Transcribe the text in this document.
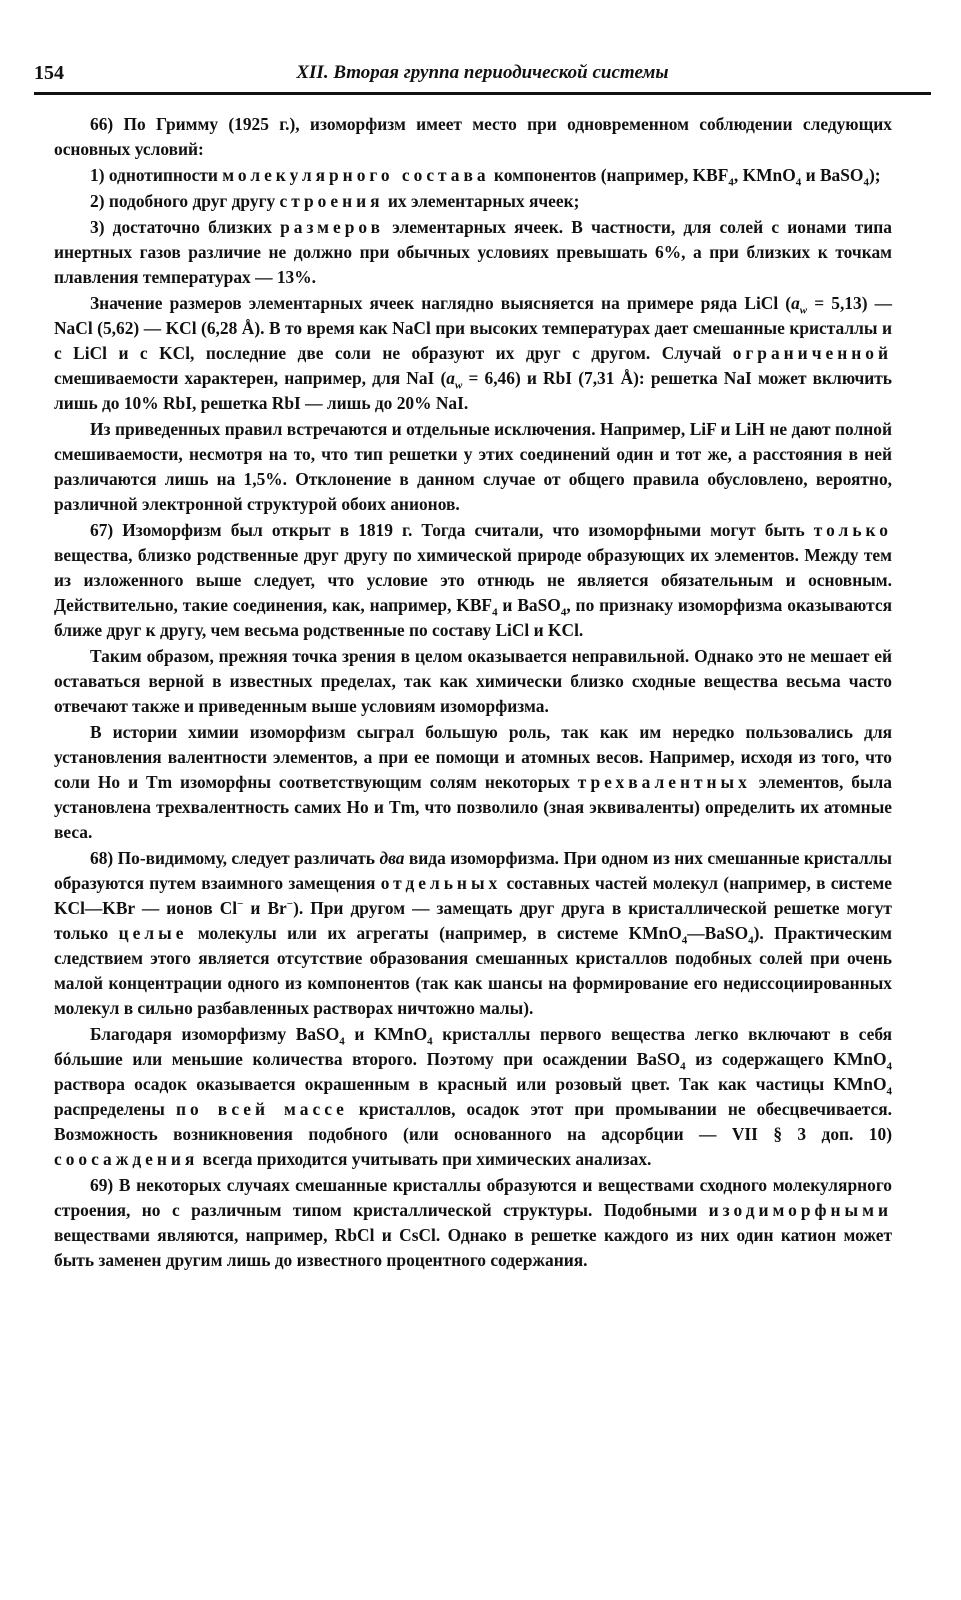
154	XII. Вторая группа периодической системы

66) По Гримму (1925 г.), изоморфизм имеет место при одновременном соблюдении следующих основных условий:

1) однотипности молекулярного состава компонентов (например, $KBF_4$, KMnO$_4$ и BaSO$_4$);

2) подобного друг другу строения их элементарных ячеек;

3) достаточно близких размеров элементарных ячеек. В частности, для солей с ионами типа инертных газов различие не должно при обычных условиях превышать 6%, а при близких к точкам плавления температурах — 13%.

Значение размеров элементарных ячеек наглядно выясняется на примере ряда LiCl $(a_w = 5,13)$ — NaCl (5,62) — KCl (6,28 Å). В то время как NaCl при высоких температурах дает смешанные кристаллы и с LiCl и с KCl, последние две соли не образуют их друг с другом. Случай ограниченной смешиваемости характерен, например, для NaI $(a_w = 6,46)$ и RbI (7,31 Å): решетка NaI может включить лишь до 10% RbI, решетка RbI — лишь до 20% NaI.

Из приведенных правил встречаются и отдельные исключения. Например, LiF и LiH не дают полной смешиваемости, несмотря на то, что тип решетки у этих соединений один и тот же, а расстояния в ней различаются лишь на 1,5%. Отклонение в данном случае от общего правила обусловлено, вероятно, различной электронной структурой обоих анионов.

67) Изоморфизм был открыт в 1819 г. Тогда считали, что изоморфными могут быть только вещества, близко родственные друг другу по химической природе образующих их элементов. Между тем из изложенного выше следует, что условие это отнюдь не является обязательным и основным. Действительно, такие соединения, как, например, $KBF_4$ и BaSO$_4$, по признаку изоморфизма оказываются ближе друг к другу, чем весьма родственные по составу LiCl и KCl.

Таким образом, прежняя точка зрения в целом оказывается неправильной. Однако это не мешает ей оставаться верной в известных пределах, так как химически близко сходные вещества весьма часто отвечают также и приведенным выше условиям изоморфизма.

В истории химии изоморфизм сыграл большую роль, так как им нередко пользовались для установления валентности элементов, а при ее помощи и атомных весов. Например, исходя из того, что соли Ho и Tm изоморфны соответствующим солям некоторых трехвалентных элементов, была установлена трехвалентность самих Ho и Tm, что позволило (зная эквиваленты) определить их атомные веса.

68) По-видимому, следует различать два вида изоморфизма. При одном из них смешанные кристаллы образуются путем взаимного замещения отдельных составных частей молекул (например, в системе KCl—KBr — ионов Cl− и Br−). При другом — замещать друг друга в кристаллической решетке могут только целые молекулы или их агрегаты (например, в системе KMnO$_4$—BaSO$_4$). Практическим следствием этого является отсутствие образования смешанных кристаллов подобных солей при очень малой концентрации одного из компонентов (так как шансы на формирование его недиссоциированных молекул в сильно разбавленных растворах ничтожно малы).

Благодаря изоморфизму BaSO$_4$ и KMnO$_4$ кристаллы первого вещества легко включают в себя бóльшие или меньшие количества второго. Поэтому при осаждении BaSO$_4$ из содержащего KMnO$_4$ раствора осадок оказывается окрашенным в красный или розовый цвет. Так как частицы KMnO$_4$ распределены по всей массе кристаллов, осадок этот при промывании не обесцвечивается. Возможность возникновения подобного (или основанного на адсорбции — VII § 3 доп. 10) соосаждения всегда приходится учитывать при химических анализах.

69) В некоторых случаях смешанные кристаллы образуются и веществами сходного молекулярного строения, но с различным типом кристаллической структуры. Подобными изодиморфными веществами являются, например, RbCl и CsCl. Однако в решетке каждого из них один катион может быть заменен другим лишь до известного процентного содержания.
